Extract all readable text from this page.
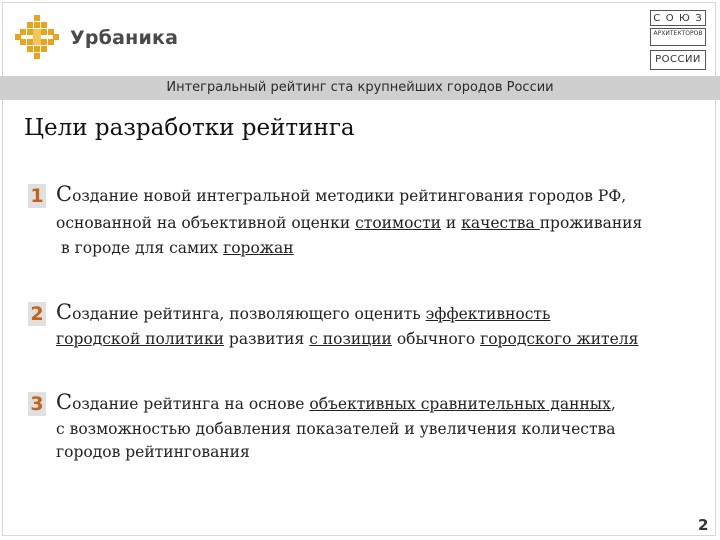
Урбаника
С О Ю З
АРХИТЕКТОРОВ
РОССИИ
Интегральный рейтинг ста крупнейших городов России
Цели разработки рейтинга
1 Создание новой интегральной методики рейтингования городов РФ,
основанной на объективной оценки стоимости и качества проживания
в городе для самих горожан
2 Создание рейтинга, позволяющего оценить эффективность
городской политики развития с позиции обычного городского жителя
3 Создание рейтинга на основе объективных сравнительных данных,
с возможностью добавления показателей и увеличения количества
городов рейтингования
2
